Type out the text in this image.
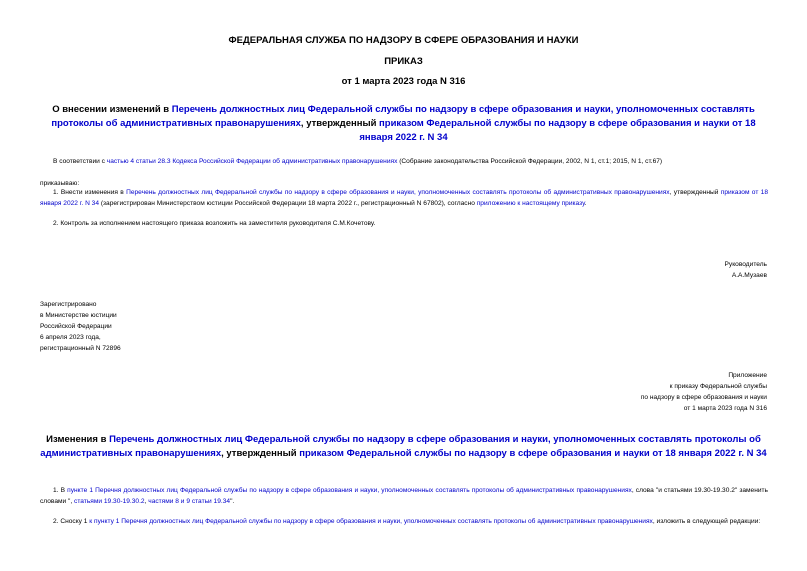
ФЕДЕРАЛЬНАЯ СЛУЖБА ПО НАДЗОРУ В СФЕРЕ ОБРАЗОВАНИЯ И НАУКИ
ПРИКАЗ
от 1 марта 2023 года N 316
О внесении изменений в Перечень должностных лиц Федеральной службы по надзору в сфере образования и науки, уполномоченных составлять протоколы об административных правонарушениях, утвержденный приказом Федеральной службы по надзору в сфере образования и науки от 18 января 2022 г. N 34
В соответствии с частью 4 статьи 28.3 Кодекса Российской Федерации об административных правонарушениях (Собрание законодательства Российской Федерации, 2002, N 1, ст.1; 2015, N 1, ст.67)
приказываю:
1. Внести изменения в Перечень должностных лиц Федеральной службы по надзору в сфере образования и науки, уполномоченных составлять протоколы об административных правонарушениях, утвержденный приказом от 18 января 2022 г. N 34 (зарегистрирован Министерством юстиции Российской Федерации 18 марта 2022 г., регистрационный N 67802), согласно приложению к настоящему приказу.
2. Контроль за исполнением настоящего приказа возложить на заместителя руководителя С.М.Кочетову.
Руководитель
А.А.Музаев
Зарегистрировано
в Министерстве юстиции
Российской Федерации
6 апреля 2023 года,
регистрационный N 72896
Приложение
к приказу Федеральной службы
по надзору в сфере образования и науки
от 1 марта 2023 года N 316
Изменения в Перечень должностных лиц Федеральной службы по надзору в сфере образования и науки, уполномоченных составлять протоколы об административных правонарушениях, утвержденный приказом Федеральной службы по надзору в сфере образования и науки от 18 января 2022 г. N 34
1. В пункте 1 Перечня должностных лиц Федеральной службы по надзору в сфере образования и науки, уполномоченных составлять протоколы об административных правонарушениях, слова "и статьями 19.30-19.30.2" заменить словами ", статьями 19.30-19.30.2, частями 8 и 9 статьи 19.34".
2. Сноску 1 к пункту 1 Перечня должностных лиц Федеральной службы по надзору в сфере образования и науки, уполномоченных составлять протоколы об административных правонарушениях, изложить в следующей редакции:
